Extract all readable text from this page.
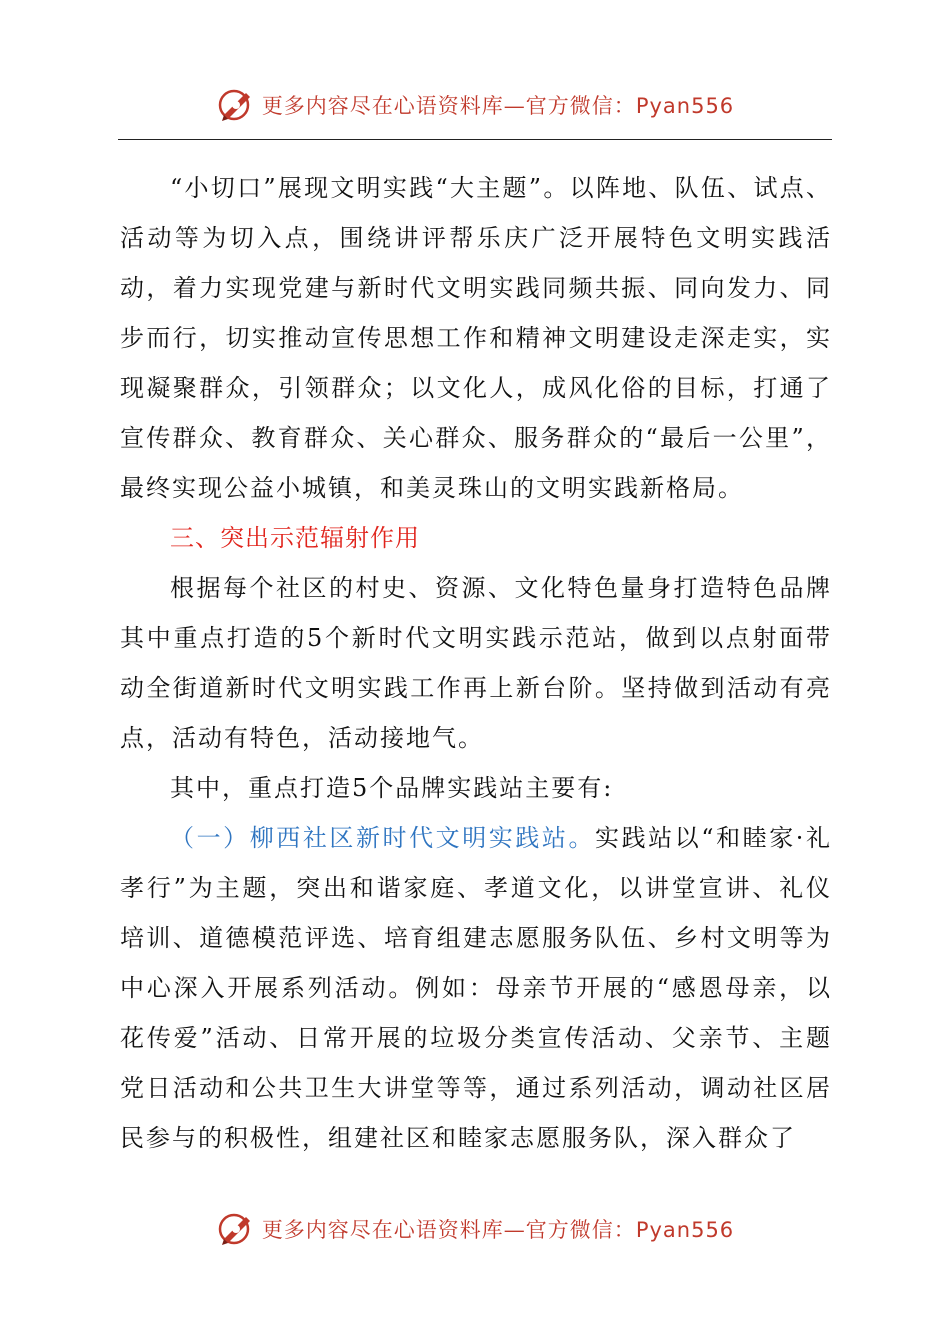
更多内容尽在心语资料库—官方微信：Pyan556

“小切口”展现文明实践“大主题”。以阵地、队伍、试点、活动等为切入点，围绕讲评帮乐庆广泛开展特色文明实践活动，着力实现党建与新时代文明实践同频共振、同向发力、同步而行，切实推动宣传思想工作和精神文明建设走深走实，实现凝聚群众，引领群众；以文化人，成风化俗的目标，打通了宣传群众、教育群众、关心群众、服务群众的“最后一公里”，最终实现公益小城镇，和美灵珠山的文明实践新格局。

三、突出示范辐射作用

根据每个社区的村史、资源、文化特色量身打造特色品牌其中重点打造的5个新时代文明实践示范站，做到以点射面带动全街道新时代文明实践工作再上新台阶。坚持做到活动有亮点，活动有特色，活动接地气。

其中，重点打造5个品牌实践站主要有:

（一）柳西社区新时代文明实践站。实践站以“和睦家·礼孝行”为主题，突出和谐家庭、孝道文化，以讲堂宣讲、礼仪培训、道德模范评选、培育组建志愿服务队伍、乡村文明等为中心深入开展系列活动。例如：母亲节开展的“感恩母亲，以花传爱”活动、日常开展的垃圾分类宣传活动、父亲节、主题党日活动和公共卫生大讲堂等等，通过系列活动，调动社区居民参与的积极性，组建社区和睦家志愿服务队，深入群众了

更多内容尽在心语资料库—官方微信：Pyan556
